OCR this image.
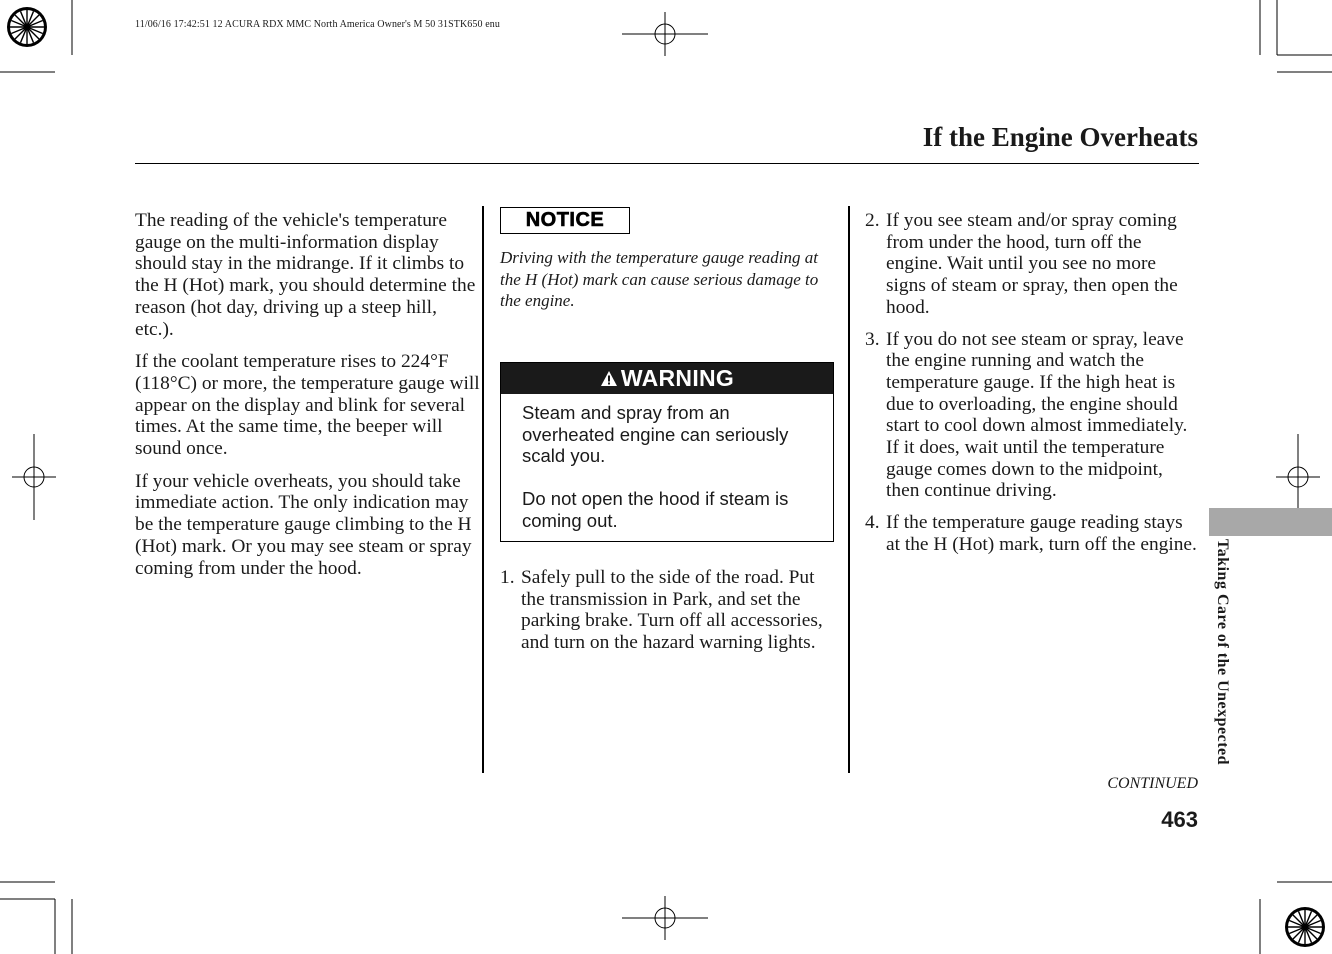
11/06/16 17:42:51 12 ACURA RDX MMC North America Owner's M 50 31STK650 enu
If the Engine Overheats

The reading of the vehicle's temperature gauge on the multi-information display should stay in the midrange. If it climbs to the H (Hot) mark, you should determine the reason (hot day, driving up a steep hill, etc.).

If the coolant temperature rises to 224°F (118°C) or more, the temperature gauge will appear on the display and blink for several times. At the same time, the beeper will sound once.

If your vehicle overheats, you should take immediate action. The only indication may be the temperature gauge climbing to the H (Hot) mark. Or you may see steam or spray coming from under the hood.

NOTICE

Driving with the temperature gauge reading at the H (Hot) mark can cause serious damage to the engine.

WARNING

Steam and spray from an overheated engine can seriously scald you.

Do not open the hood if steam is coming out.

1. Safely pull to the side of the road. Put the transmission in Park, and set the parking brake. Turn off all accessories, and turn on the hazard warning lights.
2. If you see steam and/or spray coming from under the hood, turn off the engine. Wait until you see no more signs of steam or spray, then open the hood.
3. If you do not see steam or spray, leave the engine running and watch the temperature gauge. If the high heat is due to overloading, the engine should start to cool down almost immediately. If it does, wait until the temperature gauge comes down to the midpoint, then continue driving.
4. If the temperature gauge reading stays at the H (Hot) mark, turn off the engine. Taking Care of the Unexpected
CONTINUED
463
